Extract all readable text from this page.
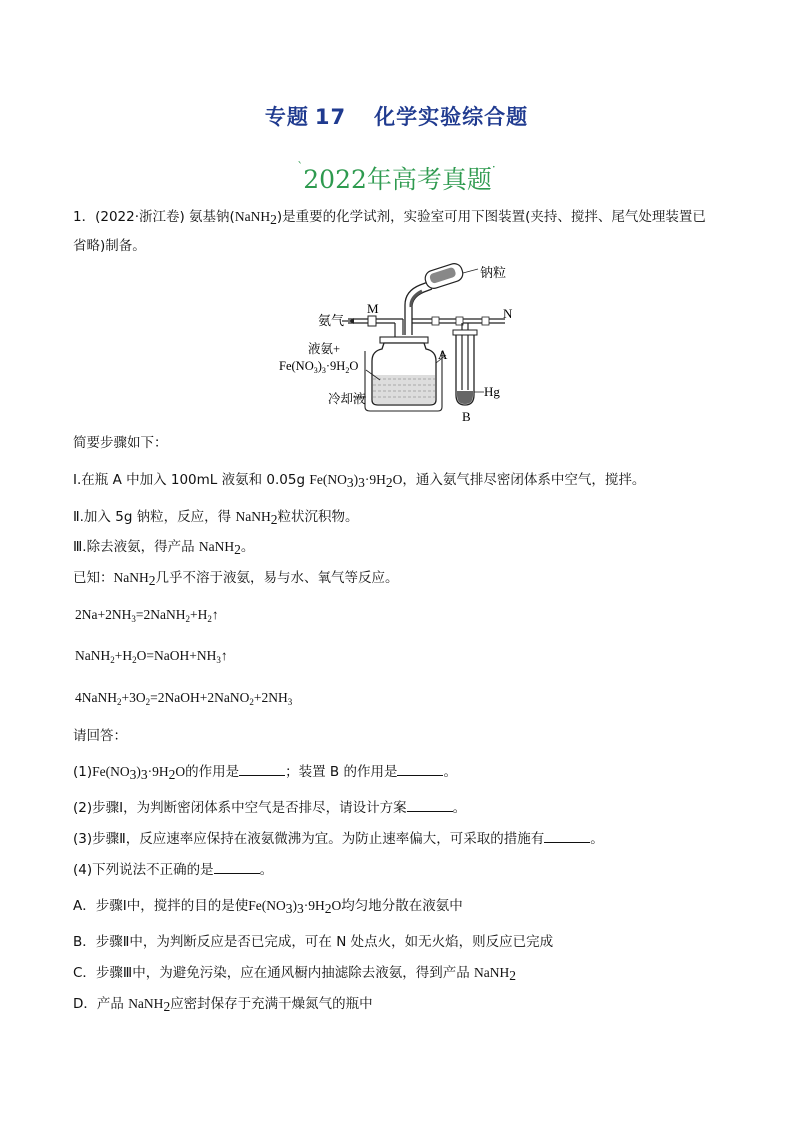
专题 17 化学实验综合题
`2022年高考真题·
1．(2022·浙江卷) 氨基钠(NaNH$_2$)是重要的化学试剂，实验室可用下图装置(夹持、搅拌、尾气处理装置已
省略)制备。
钠粒
氨气
M	N
液氨+
$Fe(NO_3)_3\cdot 9H_2O$
A
Hg
B
冷却液
简要步骤如下：
Ⅰ.在瓶 A 中加入 100mL 液氨和 0.05g $Fe(NO_3)_3\cdot 9H_2O$，通入氨气排尽密闭体系中空气，搅拌。
Ⅱ.加入 5g 钠粒，反应，得 NaNH$_2$粒状沉积物。
Ⅲ.除去液氨，得产品 NaNH$_2$。
已知：NaNH$_2$几乎不溶于液氨，易与水、氧气等反应。
$2Na+2NH_3=2NaNH_2+H_2↑$
$NaNH_2+H_2O=NaOH+NH_3↑$
$4NaNH_2+3O_2=2NaOH+2NaNO_2+2NH_3$
请回答：
$(1)Fe(NO_3)_3\cdot 9H_2O$的作用是	；装置 B 的作用是	。
(2)步骤Ⅰ，为判断密闭体系中空气是否排尽，请设计方案	。
(3)步骤Ⅱ，反应速率应保持在液氨微沸为宜。为防止速率偏大，可采取的措施有	。
(4)下列说法不正确的是	。
A．步骤Ⅰ中，搅拌的目的是使$Fe(NO_3)_3\cdot 9H_2O$均匀地分散在液氨中
B．步骤Ⅱ中，为判断反应是否已完成，可在 N 处点火，如无火焰，则反应已完成
C．步骤Ⅲ中，为避免污染，应在通风橱内抽滤除去液氨，得到产品 NaNH$_2$
D．产品 NaNH$_2$应密封保存于充满干燥氮气的瓶中
